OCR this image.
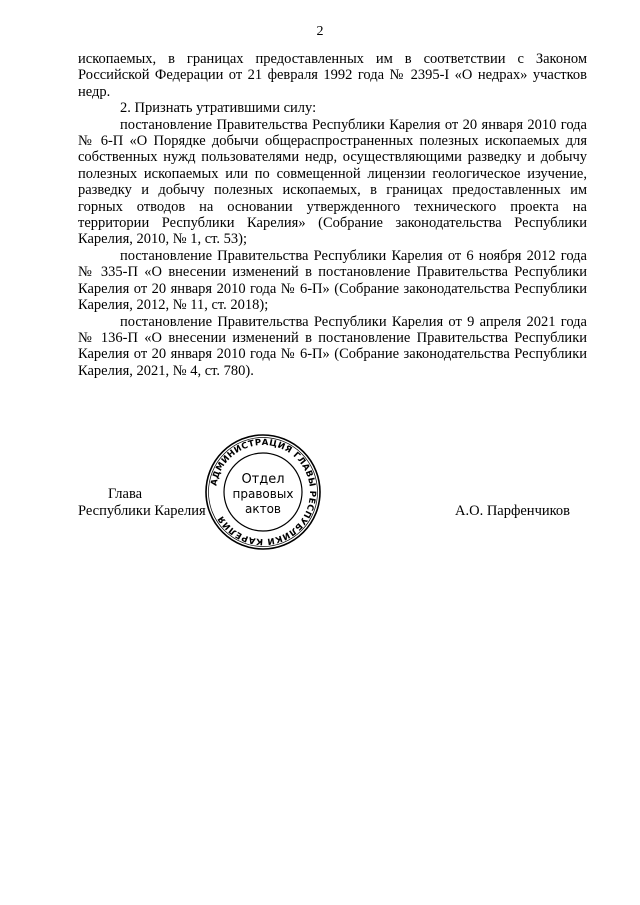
2

ископаемых, в границах предоставленных им в соответствии с Законом Российской Федерации от 21 февраля 1992 года № 2395-I «О недрах» участков недр.

2. Признать утратившими силу:

постановление Правительства Республики Карелия от 20 января 2010 года № 6-П «О Порядке добычи общераспространенных полезных ископаемых для собственных нужд пользователями недр, осуществляющими разведку и добычу полезных ископаемых или по совмещенной лицензии геологическое изучение, разведку и добычу полезных ископаемых, в границах предоставленных им горных отводов на основании утвержденного технического проекта на территории Республики Карелия» (Собрание законодательства Республики Карелия, 2010, № 1, ст. 53);

постановление Правительства Республики Карелия от 6 ноября 2012 года № 335-П «О внесении изменений в постановление Правительства Республики Карелия от 20 января 2010 года № 6-П» (Собрание законодательства Республики Карелия, 2012, № 11, ст. 2018);

постановление Правительства Республики Карелия от 9 апреля 2021 года № 136-П «О внесении изменений в постановление Правительства Республики Карелия от 20 января 2010 года № 6-П» (Собрание законодательства Республики Карелия, 2021, № 4, ст. 780).

Глава
Республики Карелия	А.О. Парфенчиков
АДМИНИСТРАЦИЯ ГЛАВЫ РЕСПУБЛИКИ КАРЕЛИЯ
Отдел
правовых
актов
